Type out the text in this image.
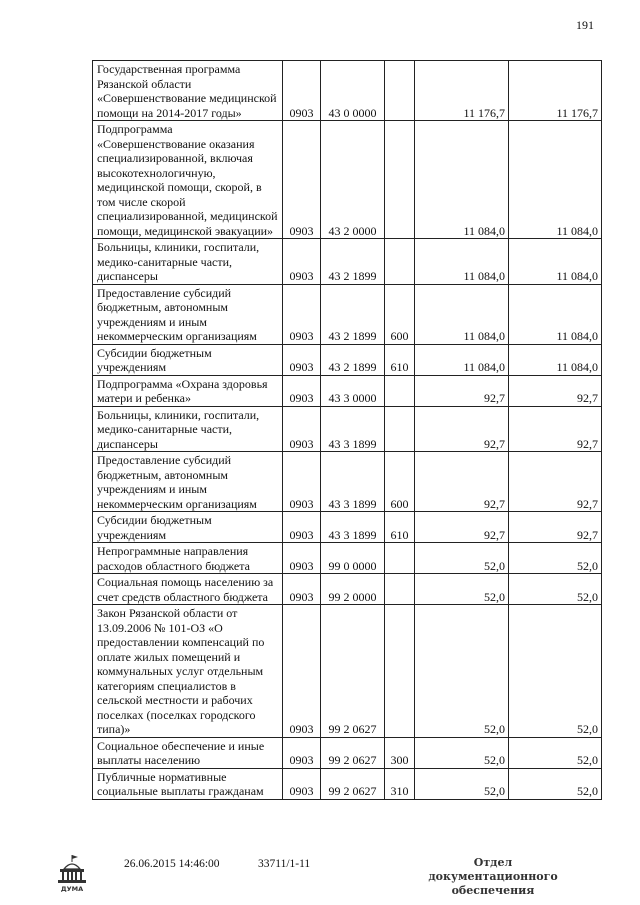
191
Государственная программа Рязанской области «Совершенствование медицинской помощи на 2014-2017 годы»	0903	43 0 0000		11 176,7	11 176,7
Подпрограмма «Совершенствование оказания специализированной, включая высокотехнологичную, медицинской помощи, скорой, в том числе скорой специализированной, медицинской помощи, медицинской эвакуации»	0903	43 2 0000		11 084,0	11 084,0
Больницы, клиники, госпитали, медико-санитарные части, диспансеры	0903	43 2 1899		11 084,0	11 084,0
Предоставление субсидий бюджетным, автономным учреждениям и иным некоммерческим организациям	0903	43 2 1899	600	11 084,0	11 084,0
Субсидии бюджетным учреждениям	0903	43 2 1899	610	11 084,0	11 084,0
Подпрограмма «Охрана здоровья матери и ребенка»	0903	43 3 0000		92,7	92,7
Больницы, клиники, госпитали, медико-санитарные части, диспансеры	0903	43 3 1899		92,7	92,7
Предоставление субсидий бюджетным, автономным учреждениям и иным некоммерческим организациям	0903	43 3 1899	600	92,7	92,7
Субсидии бюджетным учреждениям	0903	43 3 1899	610	92,7	92,7
Непрограммные направления расходов областного бюджета	0903	99 0 0000		52,0	52,0
Социальная помощь населению за счет средств областного бюджета	0903	99 2 0000		52,0	52,0
Закон Рязанской области от 13.09.2006 № 101-ОЗ «О предоставлении компенсаций по оплате жилых помещений и коммунальных услуг отдельным категориям специалистов в сельской местности и рабочих поселках (поселках городского типа)»	0903	99 2 0627		52,0	52,0
Социальное обеспечение и иные выплаты населению	0903	99 2 0627	300	52,0	52,0
Публичные нормативные социальные выплаты гражданам	0903	99 2 0627	310	52,0	52,0
ДУМА
26.06.2015 14:46:00	33711/1-11	Отдел документационного
обеспечения
